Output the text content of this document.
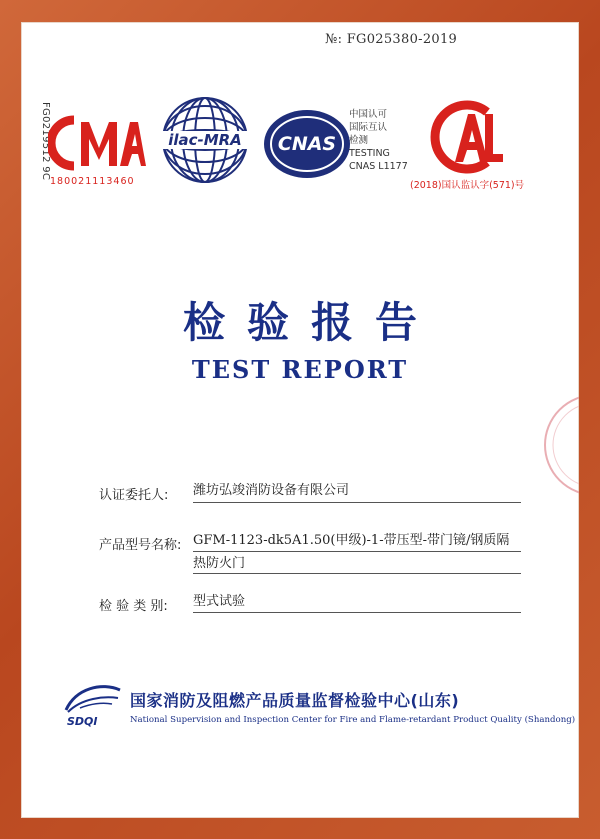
№: FG025380-2019
FG0219512 9C
180021113460
ilac-MRA	CNAS
中国认可
国际互认
检测
TESTING
CNAS L1177
(2018)国认监认字(571)号
检验报告
TEST REPORT
认证委托人: 潍坊弘竣消防设备有限公司
产品型号名称: GFM-1123-dk5A1.50(甲级)-1-带压型-带门镜/钢质隔
热防火门
检 验 类 别: 型式试验
SDQI
国家消防及阻燃产品质量监督检验中心(山东)
National Supervision and Inspection Center for Fire and Flame-retardant Product Quality (Shandong)
